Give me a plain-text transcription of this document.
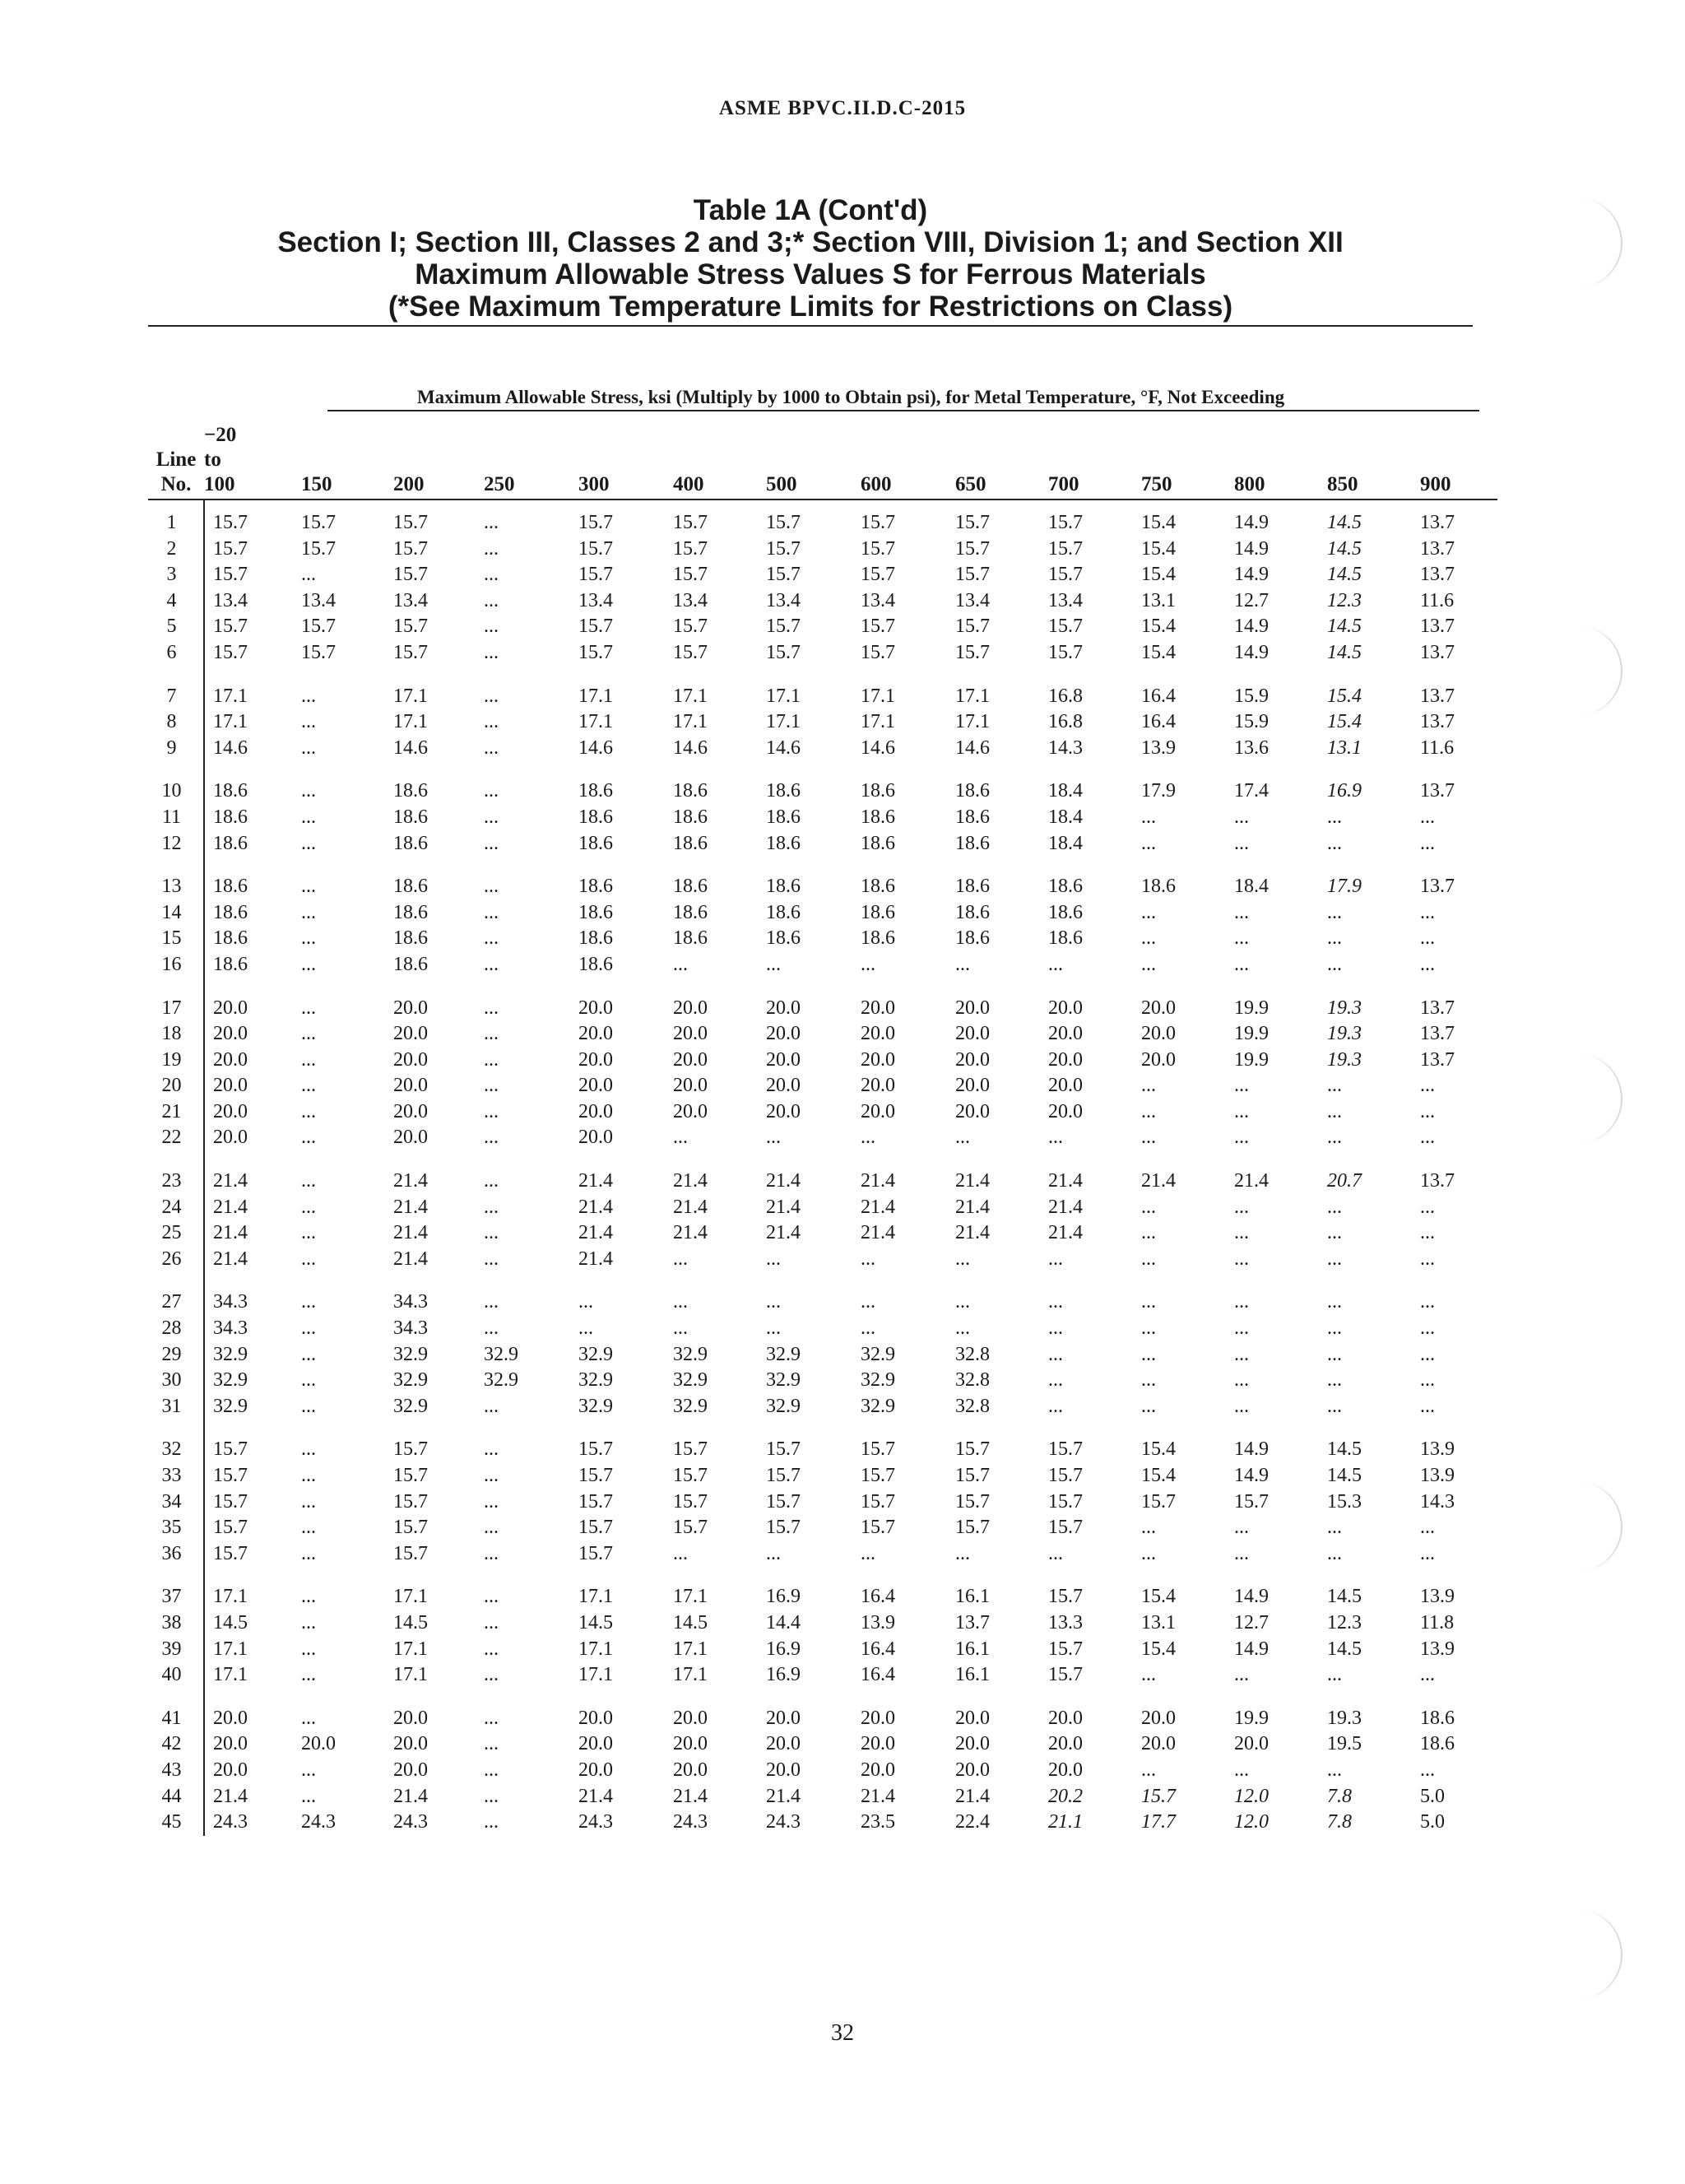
ASME BPVC.II.D.C-2015
Table 1A (Cont'd)
Section I; Section III, Classes 2 and 3;* Section VIII, Division 1; and Section XII
Maximum Allowable Stress Values S for Ferrous Materials
(*See Maximum Temperature Limits for Restrictions on Class)
Maximum Allowable Stress, ksi (Multiply by 1000 to Obtain psi), for Metal Temperature, °F, Not Exceeding
	−20													
Line	to													
No.	100	150	200	250	300	400	500	600	650	700	750	800	850	900
1	15.7	15.7	15.7	...	15.7	15.7	15.7	15.7	15.7	15.7	15.4	14.9	14.5	13.7
2	15.7	15.7	15.7	...	15.7	15.7	15.7	15.7	15.7	15.7	15.4	14.9	14.5	13.7
3	15.7	...	15.7	...	15.7	15.7	15.7	15.7	15.7	15.7	15.4	14.9	14.5	13.7
4	13.4	13.4	13.4	...	13.4	13.4	13.4	13.4	13.4	13.4	13.1	12.7	12.3	11.6
5	15.7	15.7	15.7	...	15.7	15.7	15.7	15.7	15.7	15.7	15.4	14.9	14.5	13.7
6	15.7	15.7	15.7	...	15.7	15.7	15.7	15.7	15.7	15.7	15.4	14.9	14.5	13.7

7	17.1	...	17.1	...	17.1	17.1	17.1	17.1	17.1	16.8	16.4	15.9	15.4	13.7
8	17.1	...	17.1	...	17.1	17.1	17.1	17.1	17.1	16.8	16.4	15.9	15.4	13.7
9	14.6	...	14.6	...	14.6	14.6	14.6	14.6	14.6	14.3	13.9	13.6	13.1	11.6

10	18.6	...	18.6	...	18.6	18.6	18.6	18.6	18.6	18.4	17.9	17.4	16.9	13.7
11	18.6	...	18.6	...	18.6	18.6	18.6	18.6	18.6	18.4	...	...	...	...
12	18.6	...	18.6	...	18.6	18.6	18.6	18.6	18.6	18.4	...	...	...	...

13	18.6	...	18.6	...	18.6	18.6	18.6	18.6	18.6	18.6	18.6	18.4	17.9	13.7
14	18.6	...	18.6	...	18.6	18.6	18.6	18.6	18.6	18.6	...	...	...	...
15	18.6	...	18.6	...	18.6	18.6	18.6	18.6	18.6	18.6	...	...	...	...
16	18.6	...	18.6	...	18.6	...	...	...	...	...	...	...	...	...

17	20.0	...	20.0	...	20.0	20.0	20.0	20.0	20.0	20.0	20.0	19.9	19.3	13.7
18	20.0	...	20.0	...	20.0	20.0	20.0	20.0	20.0	20.0	20.0	19.9	19.3	13.7
19	20.0	...	20.0	...	20.0	20.0	20.0	20.0	20.0	20.0	20.0	19.9	19.3	13.7
20	20.0	...	20.0	...	20.0	20.0	20.0	20.0	20.0	20.0	...	...	...	...
21	20.0	...	20.0	...	20.0	20.0	20.0	20.0	20.0	20.0	...	...	...	...
22	20.0	...	20.0	...	20.0	...	...	...	...	...	...	...	...	...

23	21.4	...	21.4	...	21.4	21.4	21.4	21.4	21.4	21.4	21.4	21.4	20.7	13.7
24	21.4	...	21.4	...	21.4	21.4	21.4	21.4	21.4	21.4	...	...	...	...
25	21.4	...	21.4	...	21.4	21.4	21.4	21.4	21.4	21.4	...	...	...	...
26	21.4	...	21.4	...	21.4	...	...	...	...	...	...	...	...	...

27	34.3	...	34.3	...	...	...	...	...	...	...	...	...	...	...
28	34.3	...	34.3	...	...	...	...	...	...	...	...	...	...	...
29	32.9	...	32.9	32.9	32.9	32.9	32.9	32.9	32.8	...	...	...	...	...
30	32.9	...	32.9	32.9	32.9	32.9	32.9	32.9	32.8	...	...	...	...	...
31	32.9	...	32.9	...	32.9	32.9	32.9	32.9	32.8	...	...	...	...	...

32	15.7	...	15.7	...	15.7	15.7	15.7	15.7	15.7	15.7	15.4	14.9	14.5	13.9
33	15.7	...	15.7	...	15.7	15.7	15.7	15.7	15.7	15.7	15.4	14.9	14.5	13.9
34	15.7	...	15.7	...	15.7	15.7	15.7	15.7	15.7	15.7	15.7	15.7	15.3	14.3
35	15.7	...	15.7	...	15.7	15.7	15.7	15.7	15.7	15.7	...	...	...	...
36	15.7	...	15.7	...	15.7	...	...	...	...	...	...	...	...	...

37	17.1	...	17.1	...	17.1	17.1	16.9	16.4	16.1	15.7	15.4	14.9	14.5	13.9
38	14.5	...	14.5	...	14.5	14.5	14.4	13.9	13.7	13.3	13.1	12.7	12.3	11.8
39	17.1	...	17.1	...	17.1	17.1	16.9	16.4	16.1	15.7	15.4	14.9	14.5	13.9
40	17.1	...	17.1	...	17.1	17.1	16.9	16.4	16.1	15.7	...	...	...	...

41	20.0	...	20.0	...	20.0	20.0	20.0	20.0	20.0	20.0	20.0	19.9	19.3	18.6
42	20.0	20.0	20.0	...	20.0	20.0	20.0	20.0	20.0	20.0	20.0	20.0	19.5	18.6
43	20.0	...	20.0	...	20.0	20.0	20.0	20.0	20.0	20.0	...	...	...	...
44	21.4	...	21.4	...	21.4	21.4	21.4	21.4	21.4	20.2	15.7	12.0	7.8	5.0
45	24.3	24.3	24.3	...	24.3	24.3	24.3	23.5	22.4	21.1	17.7	12.0	7.8	5.0
32
